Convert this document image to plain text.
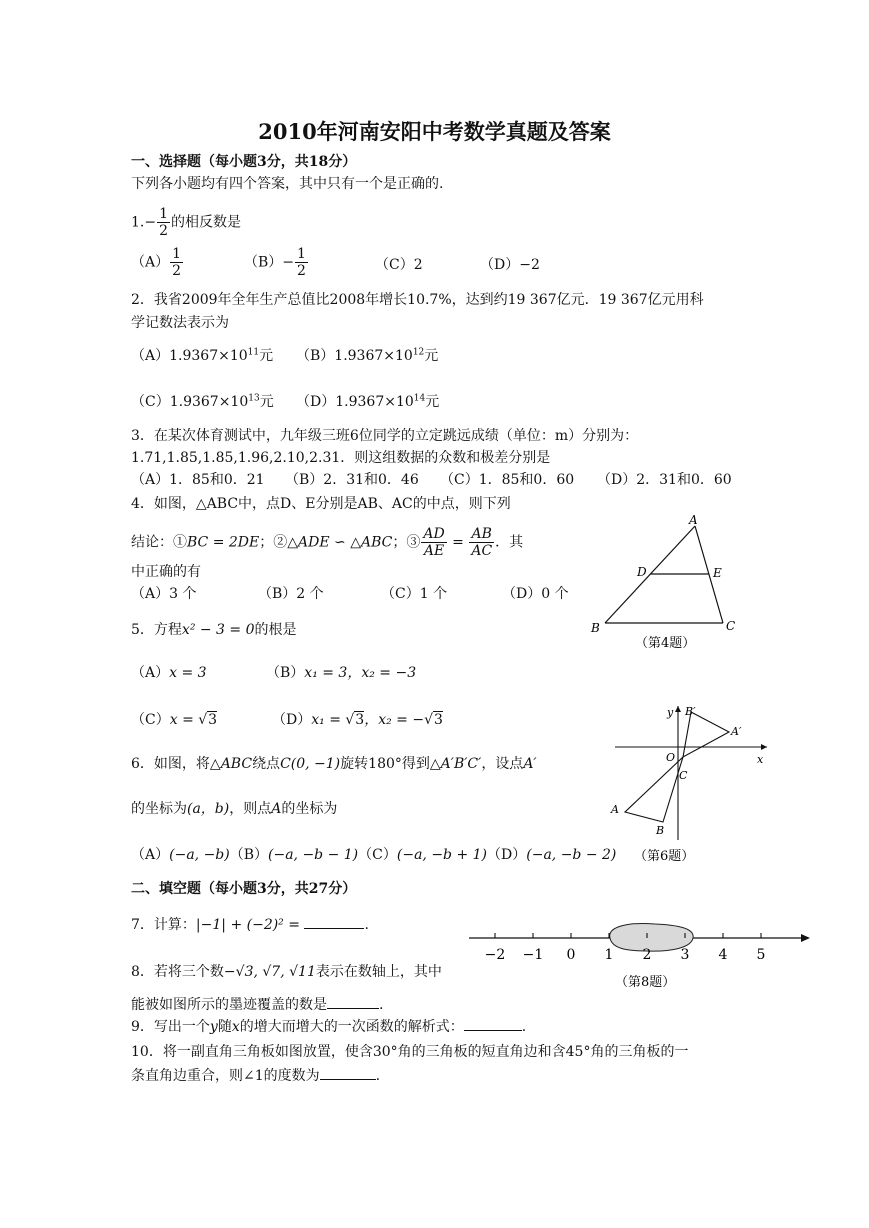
2010年河南安阳中考数学真题及答案
一、选择题（每小题3分，共18分）
下列各小题均有四个答案，其中只有一个是正确的.
$1.- \frac{1}{2}$ 的相反数是
$(A) \frac{1}{2}$	$(B)- \frac{1}{2}$	（C）2	（D）−2
2．我省2009年全年生产总值比2008年增长10.7%，达到约19 367亿元．19 367亿元用科
学记数法表示为
$(A)1.9367\times 10^{11}$元 $(B)1.9367\times 10^{12}$元
$(C)1.9367\times 10^{13}$元 $(D)1.9367\times 10^{14}$元
3．在某次体育测试中，九年级三班6位同学的立定跳远成绩（单位：m）分别为：
1.71,1.85,1.85,1.96,2.10,2.31．则这组数据的众数和极差分别是
（A）1．85和0．21 （B）2．31和0．46 （C）1．85和0．60 （D）2．31和0．60
4．如图，△ABC中，点D、E分别是AB、AC的中点，则下列
结论：①BC = 2DE；②△ADE ∽ △ABC；③ $\frac{AD}{AE} = \frac{AB}{AC}$ ．其
中正确的有
（A）3 个	（B）2 个	（C）1 个	（D）0 个
A
B	C
D	E
（第4题）
5．方程x² − 3 = 0的根是
（A）x = 3	（B）x₁ = 3，x₂ = −3
（C）x = √3	（D）x₁ = √3，x₂ = −√3
6．如图，将△ABC绕点C(0, −1)旋转180°得到△A′B′C′，设点A′
的坐标为(a，b)，则点A的坐标为
（A）(−a, −b)（B）(−a, −b − 1)（C）(−a, −b + 1)（D）(−a, −b − 2)
y
x
O
C
A
B
A′
B′
（第6题）
二、填空题（每小题3分，共27分）
7．计算：|−1| + (−2)² =	.
−2 −1 0 1 2 3 4 5
（第8题）
8．若将三个数−√3, √7, √11表示在数轴上，其中
能被如图所示的墨迹覆盖的数是	.
9．写出一个y随x的增大而增大的一次函数的解析式：	.
10．将一副直角三角板如图放置，使含30°角的三角板的短直角边和含45°角的三角板的一
条直角边重合，则∠1的度数为	.
